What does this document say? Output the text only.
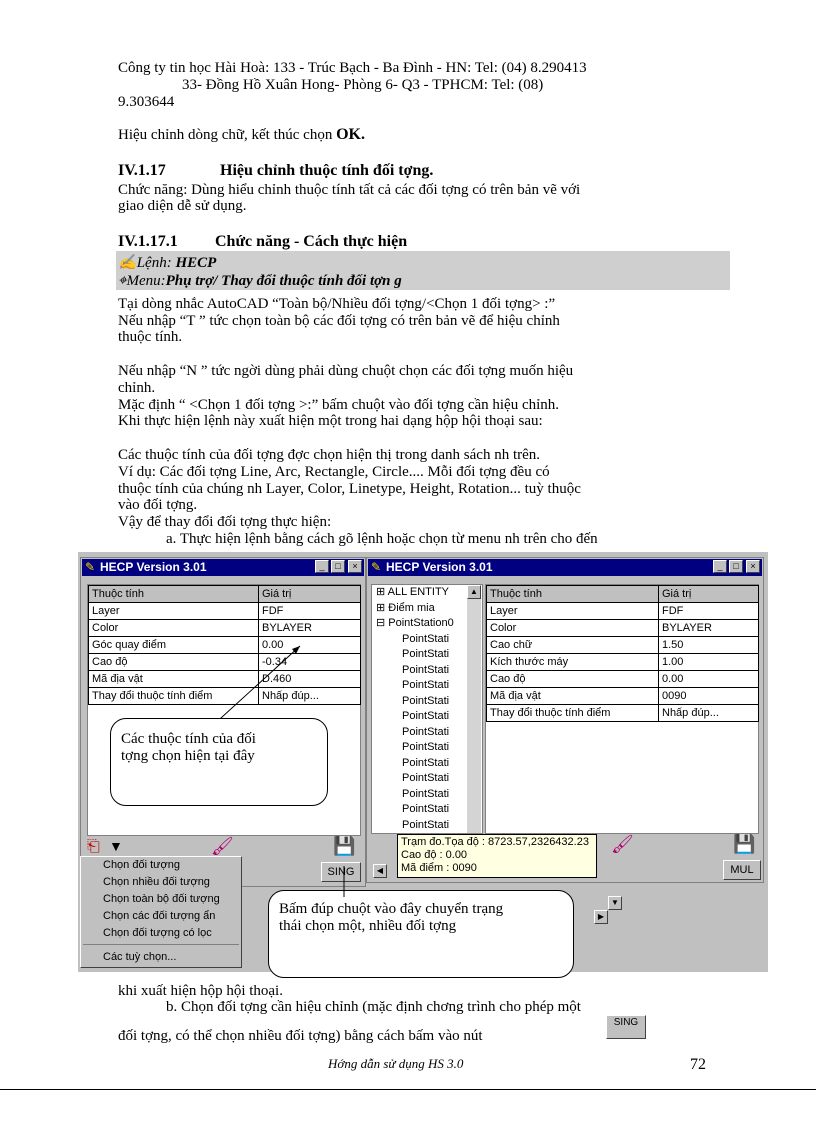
Công ty tin học Hài Hoà: 133 - Trúc Bạch - Ba Đình - HN: Tel: (04) 8.290413
33- Đồng Hồ Xuân Hong- Phòng 6- Q3 - TPHCM: Tel: (08)
9.303644
Hiệu chỉnh dòng chữ, kết thúc chọn OK.
IV.1.17	Hiệu chỉnh thuộc tính đối tợng.
Chức năng: Dùng hiểu chỉnh thuộc tính tất cả các đối tợng có trên bản vẽ với
giao diện dễ sử dụng.
IV.1.17.1 Chức năng - Cách thực hiện
✍Lệnh: HECP
⌖Menu:Phụ trợ/ Thay đổi thuộc tính đối tợn g
Tại dòng nhắc AutoCAD “Toàn bộ/Nhiều đối tợng/<Chọn 1 đối tợng> :”
Nếu nhập “T ” tức chọn toàn bộ các đối tợng có trên bản vẽ để hiệu chỉnh
thuộc tính.
Nếu nhập “N ” tức ngời dùng phải dùng chuột chọn các đối tợng muốn hiệu
chỉnh.
Mặc định “ <Chọn 1 đối tợng >:” bấm chuột vào đối tợng cần hiệu chỉnh.
Khi thực hiện lệnh này xuất hiện một trong hai dạng hộp hội thoại sau:
Các thuộc tính của đối tợng đợc chọn hiện thị trong danh sách nh trên.
Ví dụ: Các đối tợng Line, Arc, Rectangle, Circle.... Mỗi đối tợng đều có
thuộc tính của chúng nh Layer, Color, Linetype, Height, Rotation... tuỳ thuộc
vào đối tợng.
Vậy để thay đổi đối tợng thực hiện:
a. Thực hiện lệnh bằng cách gõ lệnh hoặc chọn từ menu nh trên cho đến
✎ HECP Version 3.01	_	□	×
Thuộc tính	Giá trị
Layer	FDF
Color	BYLAYER
Góc quay điểm	0.00
Cao độ	-0.34
Mã địa vật	D.460
Thay đổi thuộc tính điểm	Nhấp đúp...
⎗ ▼	🖌	💾
SING
Các thuộc tính của đối
tợng chọn hiện tại đây
Chọn đối tượng
Chọn nhiều đối tượng
Chọn toàn bộ đối tượng
Chọn các đối tượng ẩn
Chọn đối tượng có lọc
Các tuỳ chọn...
✎ HECP Version 3.01	_	□	×
⊞ ALL ENTITY
⊞ Điểm mia
⊟ PointStation0
PointStati
PointStati
PointStati
PointStati
PointStati
PointStati
PointStati
PointStati
PointStati
PointStati
PointStati
PointStati
PointStati
▲ Thuộc tính	Giá trị
Layer	FDF
Color	BYLAYER
Cao chữ	1.50
Kích thước máy	1.00
Cao độ	0.00
Mã địa vật	0090
Thay đổi thuộc tính điểm	Nhấp đúp...
Trạm đo.Tọa độ : 8723.57,2326432.23
Cao độ : 0.00
Mã điểm : 0090
◀
🖌	💾
MUL
Bấm đúp chuột vào đây chuyển trạng
thái chọn một, nhiều đối tợng
▶
▼
khi xuất hiện hộp hội thoại.
b. Chọn đối tợng cần hiệu chỉnh (mặc định chơng trình cho phép một
đối tợng, có thể chọn nhiều đối tợng) bằng cách bấm vào nút
SING
Hớng dẫn sử dụng HS 3.0	72
